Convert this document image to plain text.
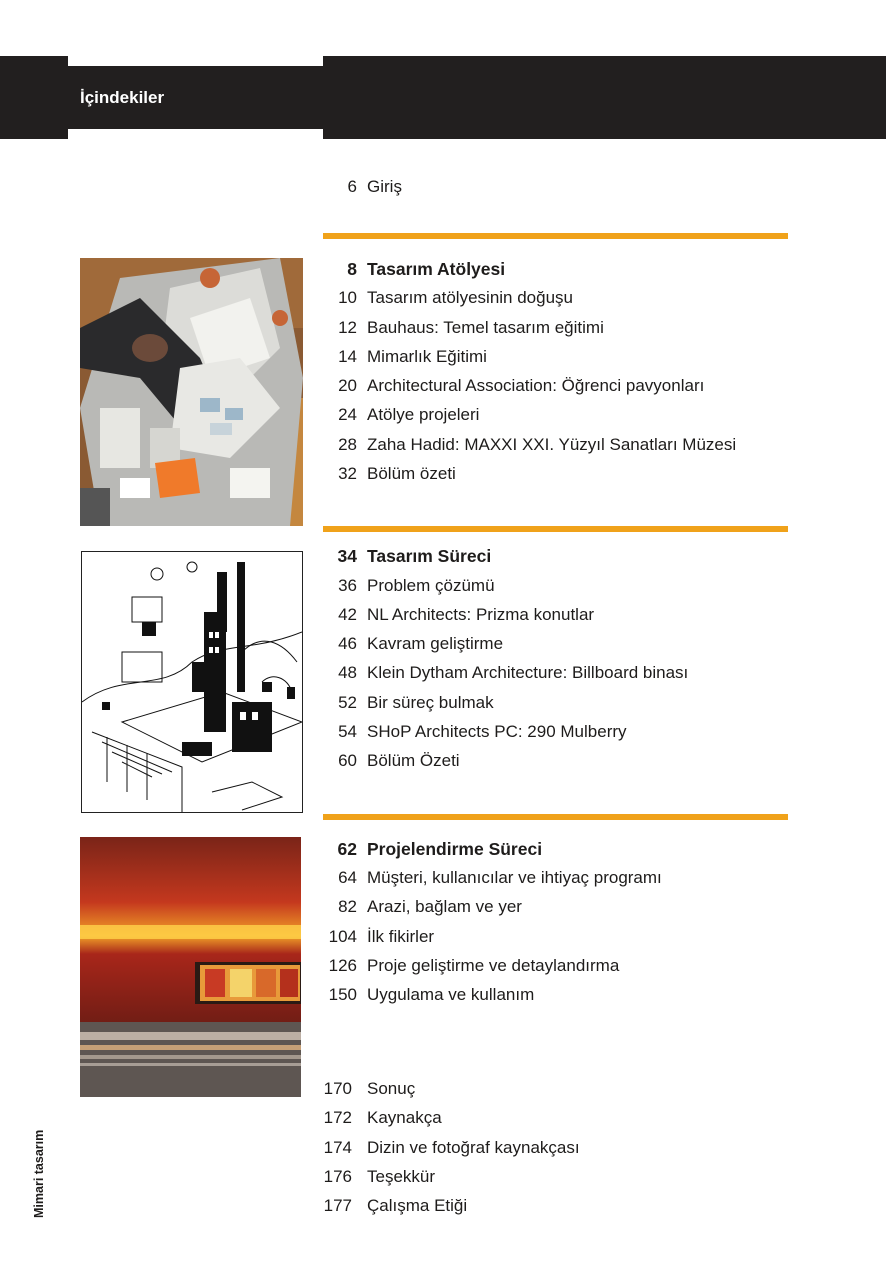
İçindekiler
6 Giriş
8 Tasarım Atölyesi
10 Tasarım atölyesinin doğuşu
12 Bauhaus: Temel tasarım eğitimi
14 Mimarlık Eğitimi
20 Architectural Association: Öğrenci pavyonları
24 Atölye projeleri
28 Zaha Hadid: MAXXI XXI. Yüzyıl Sanatları Müzesi
32 Bölüm özeti
34 Tasarım Süreci
36 Problem çözümü
42 NL Architects: Prizma konutlar
46 Kavram geliştirme
48 Klein Dytham Architecture: Billboard binası
52 Bir süreç bulmak
54 SHoP Architects PC: 290 Mulberry
60 Bölüm Özeti
62 Projelendirme Süreci
64 Müşteri, kullanıcılar ve ihtiyaç programı
82 Arazi, bağlam ve yer
104 İlk fikirler
126 Proje geliştirme ve detaylandırma
150 Uygulama ve kullanım
170 Sonuç
172 Kaynakça
174 Dizin ve fotoğraf kaynakçası
176 Teşekkür
177 Çalışma Etiği
Mimari tasarım
